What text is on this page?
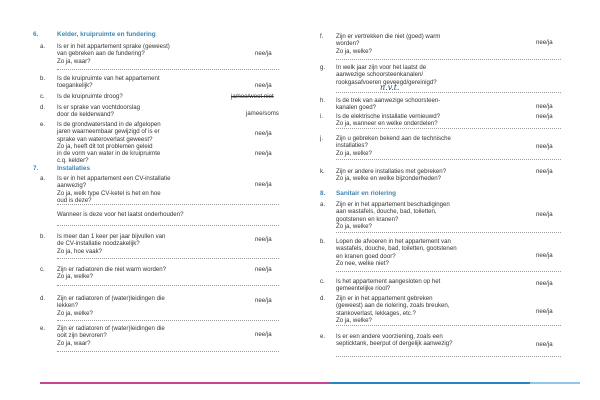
6.	Kelder, kruipruimte en fundering
a. Is er in het appartement sprake (geweest)
van gebreken aan de fundering?
Zo ja, waar?
nee/ja
b. Is de kruipruimte van het appartement
toegankelijk?	nee/ja
c. Is de kruipruimte droog?	ja/nee/weet niet
d. Is er sprake van vochtdoorslag
door de kelderwand?	ja/nee/soms
e. Is de grondwaterstand in de afgelopen
jaren waarneembaar gewijzigd of is er
sprake van wateroverlast geweest?
Zo ja, heeft dit tot problemen geleid
in de vorm van water in de kruipruimte
c.q. kelder?
nee/ja
nee/ja
7.	Installaties
a. Is er in het appartement een CV-installatie
aanwezig?
Zo ja, welk type CV-ketel is het en hoe
oud is deze?
nee/ja
Wanneer is deze voor het laatst onderhouden?
b. Is meer dan 1 keer per jaar bijvullen van
de CV-installatie noodzakelijk?
Zo ja, hoe vaak?
nee/ja
c. Zijn er radiatoren die niet warm worden?
Zo ja, welke?
nee/ja
d. Zijn er radiatoren of (water)leidingen die
lekken?
Zo ja, welke?
nee/ja
e. Zijn er radiatoren of (water)leidingen die
ooit zijn bevroren?
Zo ja, waar?
nee/ja
f. Zijn er vertrekken die niet (goed) warm
worden?
Zo ja, welke?
nee/ja
g. In welk jaar zijn voor het laatst de
aanwezige schoorsteenkanalen/
rookgasafvoeren geveegd/gereinigd?
n.v.t.
h. Is de trek van aanwezige schoorsteen-
kanalen goed?	nee/ja
i. Is de elektrische installatie vernieuwd?
Zo ja, wanneer en welke onderdelen?
nee/ja
j. Zijn u gebreken bekend aan de technische
installaties?
Zo ja, welke?
nee/ja
k. Zijn er andere installaties met gebreken?
Zo ja, welke en welke bijzonderheden?
nee/ja
8. Sanitair en riolering
a. Zijn er in het appartement beschadigingen
aan wastafels, douche, bad, toiletten,
gootstenen en kranen?
Zo ja, welke?
nee/ja
b. Lopen de afvoeren in het appartement van
wastafels, douche, bad, toiletten, gootstenen
en kranen goed door?
Zo nee, welke niet?
nee/ja
c. Is het appartement aangesloten op het
gemeentelijke riool?
nee/ja
d. Zijn er in het appartement gebreken
(geweest) aan de riolering, zoals breuken,
stankoverlast, lekkages, etc.?
Zo ja, welke?
nee/ja
e. Is er een andere voorziening, zoals een
septicktank, beerput of dergelijk aanwezig?	nee/ja
